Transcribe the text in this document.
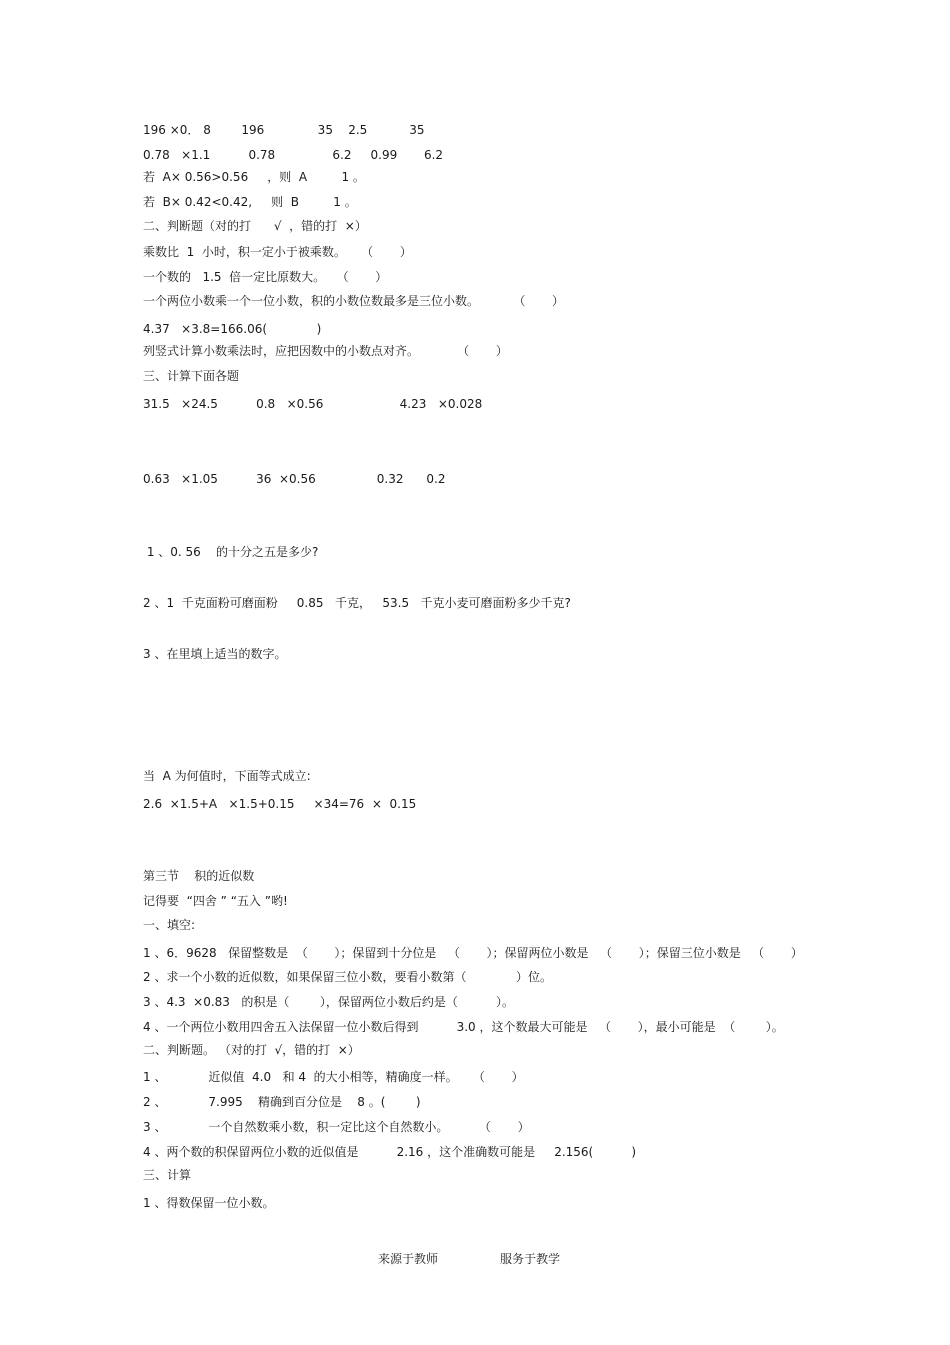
196 ×0． 8        196              35    2.5           35
0.78   ×1.1          0.78               6.2     0.99       6.2
若  A× 0.56>0.56     ，则  A         1 。
若  B× 0.42<0.42,     则  B         1 。
二、判断题（对的打      √  ，错的打  ×）
乘数比  1  小时，积一定小于被乘数。    （       ）
一个数的   1.5  倍一定比原数大。   （       ）
一个两位小数乘一个一位小数，积的小数位数最多是三位小数。         （       ）
4.37   ×3.8=166.06(             )
列竖式计算小数乘法时，应把因数中的小数点对齐。          （       ）
三、计算下面各题
31.5   ×24.5          0.8   ×0.56                    4.23   ×0.028
0.63   ×1.05          36  ×0.56                0.32      0.2
1 、0. 56    的十分之五是多少?
2 、1  千克面粉可磨面粉     0.85   千克，   53.5   千克小麦可磨面粉多少千克?
3 、在里填上适当的数字。
当  A 为何值时，下面等式成立:
2.6  ×1.5+A   ×1.5+0.15     ×34=76  ×  0.15
第三节    积的近似数
记得要  “四舍 ” “五入 ”哟!
一、填空:
1 、6．9628   保留整数是  （       ）；保留到十分位是   （       ）；保留两位小数是   （       ）；保留三位小数是   （       ）
2 、求一个小数的近似数，如果保留三位小数，要看小数第（             ）位。
3 、4.3  ×0.83   的积是（        ），保留两位小数后约是（          ）。
4 、一个两位小数用四舍五入法保留一位小数后得到          3.0 ，这个数最大可能是   （       ），最小可能是  （        ）。
二、判断题。 （对的打  √，错的打  ×）
1 、           近似值  4.0   和 4  的大小相等，精确度一样。    （       ）
2 、           7.995    精确到百分位是    8 。(        )
3 、           一个自然数乘小数，积一定比这个自然数小。        （       ）
4 、两个数的积保留两位小数的近似值是          2.16 ，这个准确数可能是     2.156(          )
三、计算
1 、得数保留一位小数。
来源于教师	服务于教学
